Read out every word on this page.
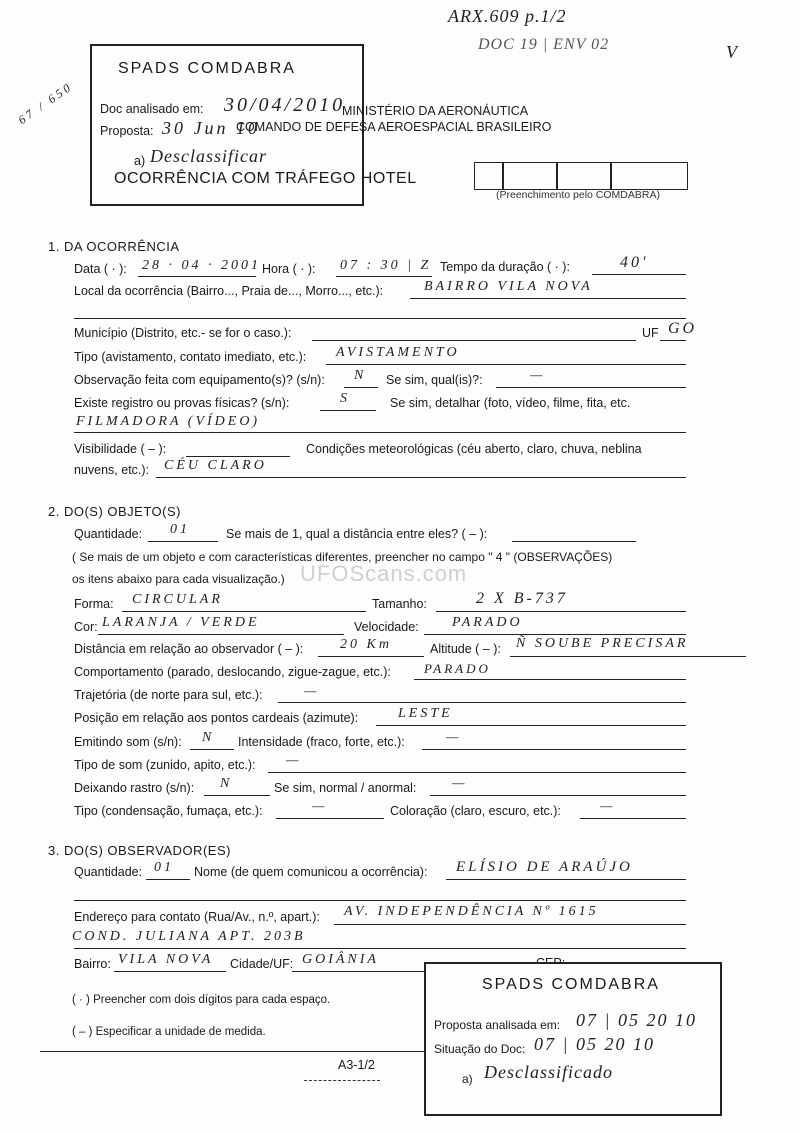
ARX.609 p.1/2
DOC 19 | ENV 02	V
67 / 650
SPADS COMDABRA
Doc analisado em: 30/04/2010
Proposta: 30 Jun 10
a) Desclassificar
MINISTÉRIO DA AERONÁUTICA
COMANDO DE DEFESA AEROESPACIAL BRASILEIRO
OCORRÊNCIA COM TRÁFEGO HOTEL
(Preenchimento pelo COMDABRA)
1. DA OCORRÊNCIA
Data ( · ): 28 · 04 · 2001 Hora ( · ): 07 : 30 | Z Tempo da duração ( · ):	40'
Local da ocorrência (Bairro..., Praia de..., Morro..., etc.):	BAIRRO VILA NOVA
Município (Distrito, etc.- se for o caso.):	UF GO
Tipo (avistamento, contato imediato, etc.): AVISTAMENTO
Observação feita com equipamento(s)? (s/n): N Se sim, qual(is)?:	—
Existe registro ou provas físicas? (s/n):	S	Se sim, detalhar (foto, vídeo, filme, fita, etc.
FILMADORA (VÍDEO)
Visibilidade ( – ):	Condições meteorológicas (céu aberto, claro, chuva, neblina
nuvens, etc.): CÉU CLARO
2. DO(S) OBJETO(S)
Quantidade: 01	Se mais de 1, qual a distância entre eles? ( – ):
( Se mais de um objeto e com características diferentes, preencher no campo " 4 " (OBSERVAÇÕES)
os itens abaixo para cada visualização.) UFOScans.com
Forma: CIRCULAR	Tamanho:	2 X B-737
Cor: LARANJA / VERDE	Velocidade: PARADO
Distância em relação ao observador ( – ):	20 Km	Altitude ( – ): Ñ SOUBE PRECISAR
Comportamento (parado, deslocando, zigue-zague, etc.):	PARADO
Trajetória (de norte para sul, etc.):	—
Posição em relação aos pontos cardeais (azimute):	LESTE
Emitindo som (s/n): N Intensidade (fraco, forte, etc.):	—
Tipo de som (zunido, apito, etc.): —
Deixando rastro (s/n): N	Se sim, normal / anormal:	—
Tipo (condensação, fumaça, etc.):	—	Coloração (claro, escuro, etc.):	—
3. DO(S) OBSERVADOR(ES)
Quantidade: 01 Nome (de quem comunicou a ocorrência): ELÍSIO DE ARAÚJO
Endereço para contato (Rua/Av., n.º, apart.): AV. INDEPENDÊNCIA Nº 1615
COND. JULIANA APT. 203B
Bairro: VILA NOVA Cidade/UF: GOIÂNIA
( · ) Preencher com dois dígitos para cada espaço.
( – ) Especificar a unidade de medida.
SPADS COMDABRA
Proposta analisada em: 07 | 05 20 10
Situação do Doc: 07 | 05 20 10
a) Desclassificado
A3-1/2
